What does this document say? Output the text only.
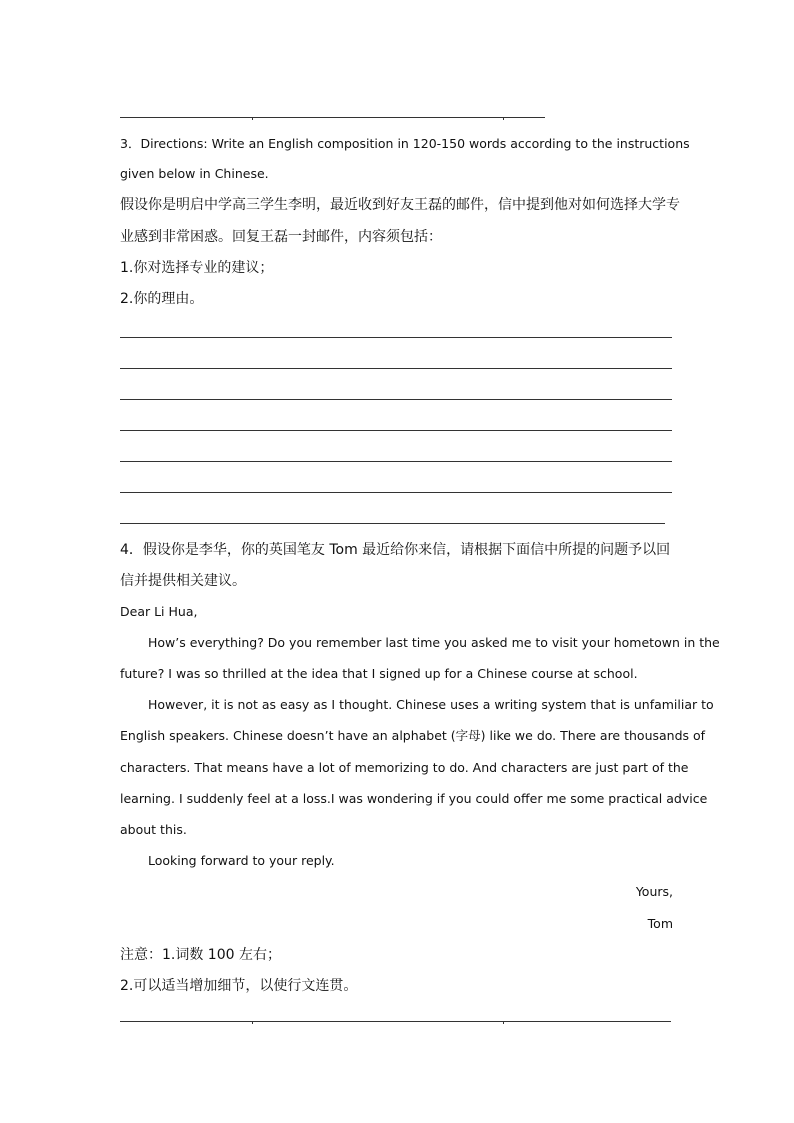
3．Directions: Write an English composition in 120-150 words according to the instructions
given below in Chinese.
假设你是明启中学高三学生李明，最近收到好友王磊的邮件，信中提到他对如何选择大学专
业感到非常困惑。回复王磊一封邮件，内容须包括：
1.你对选择专业的建议；
2.你的理由。
4．假设你是李华，你的英国笔友 Tom 最近给你来信，请根据下面信中所提的问题予以回
信并提供相关建议。
Dear Li Hua,
How’s everything? Do you remember last time you asked me to visit your hometown in the
future? I was so thrilled at the idea that I signed up for a Chinese course at school.
However, it is not as easy as I thought. Chinese uses a writing system that is unfamiliar to
English speakers. Chinese doesn’t have an alphabet (字母) like we do. There are thousands of
characters. That means have a lot of memorizing to do. And characters are just part of the
learning. I suddenly feel at a loss.I was wondering if you could offer me some practical advice
about this.
Looking forward to your reply.
Yours,
Tom
注意：1.词数 100 左右；
2.可以适当增加细节，以使行文连贯。
